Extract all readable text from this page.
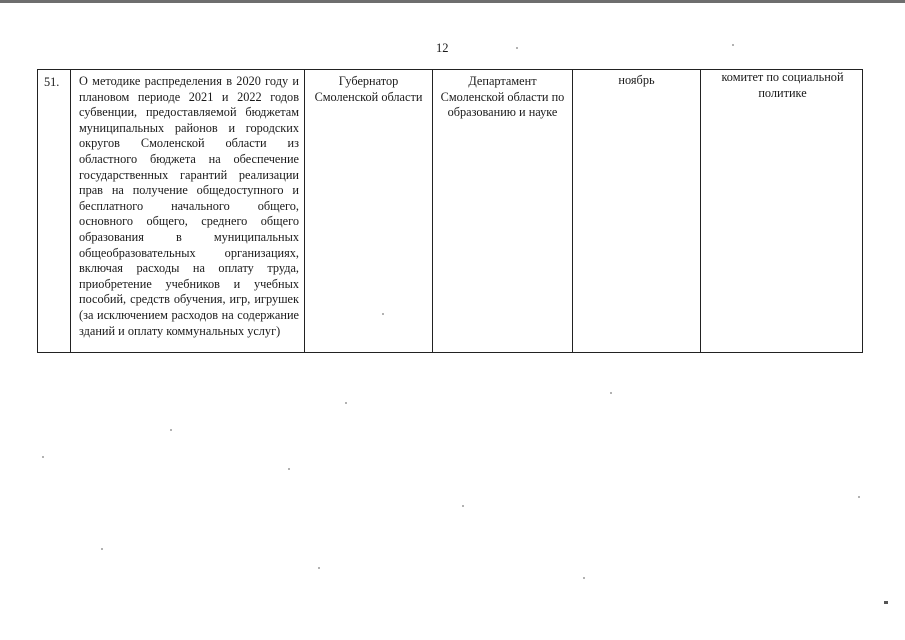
12
51.	О методике распределения в 2020 году и плановом периоде 2021 и 2022 годов субвенции, предоставляемой бюджетам муниципальных районов и городских округов Смоленской области из областного бюджета на обеспечение государственных гарантий реализации прав на получение общедоступного и бесплатного начального общего, основного общего, среднего общего образования в муниципальных общеобразовательных организациях, включая расходы на оплату труда, приобретение учебников и учебных пособий, средств обучения, игр, игрушек (за исключением расходов на содержание зданий и оплату коммунальных услуг)
Губернатор Смоленской области
Департамент Смоленской области по образованию и науке
ноябрь	комитет по социальной политике
